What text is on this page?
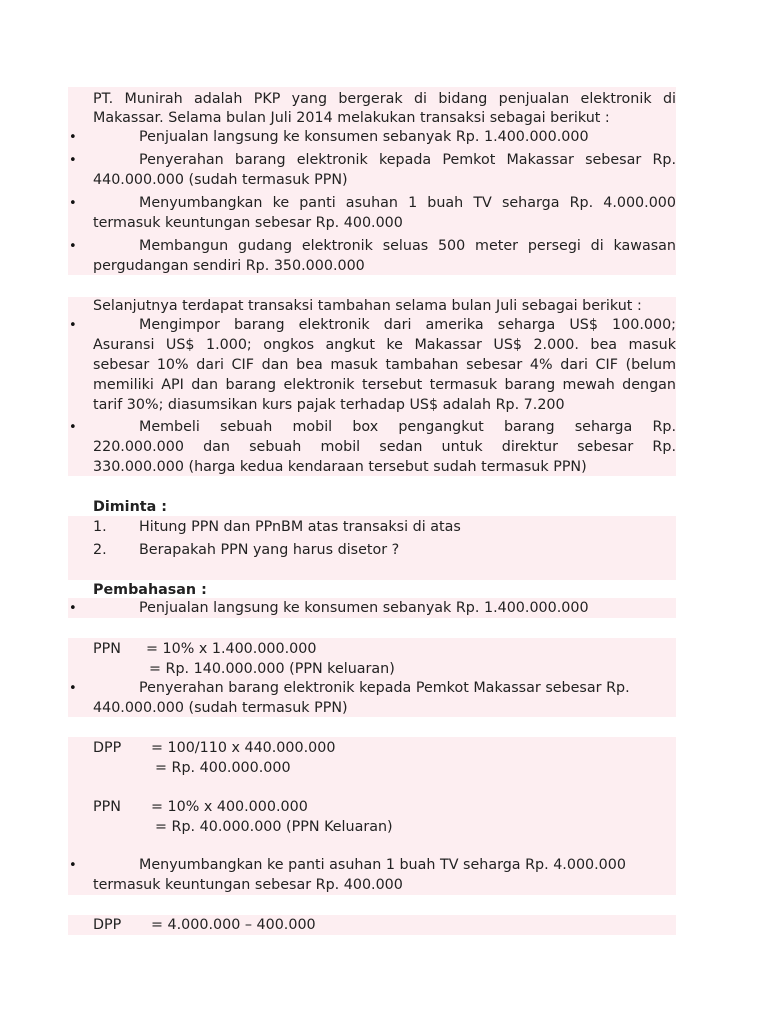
PT. Munirah adalah PKP yang bergerak di bidang penjualan elektronik di
Makassar. Selama bulan Juli 2014 melakukan transaksi sebagai berikut :
•	Penjualan langsung ke konsumen sebanyak Rp. 1.400.000.000
•	Penyerahan barang elektronik kepada Pemkot Makassar sebesar Rp.
440.000.000 (sudah termasuk PPN)
•	Menyumbangkan ke panti asuhan 1 buah TV seharga Rp. 4.000.000
termasuk keuntungan sebesar Rp. 400.000
•	Membangun gudang elektronik seluas 500 meter persegi di kawasan
pergudangan sendiri Rp. 350.000.000
Selanjutnya terdapat transaksi tambahan selama bulan Juli sebagai berikut :
•	Mengimpor barang elektronik dari amerika seharga US$ 100.000;
Asuransi US$ 1.000; ongkos angkut ke Makassar US$ 2.000. bea masuk
sebesar 10% dari CIF dan bea masuk tambahan sebesar 4% dari CIF (belum
memiliki API dan barang elektronik tersebut termasuk barang mewah dengan
tarif 30%; diasumsikan kurs pajak terhadap US$ adalah Rp. 7.200
•	Membeli sebuah mobil box pengangkut barang seharga Rp.
220.000.000 dan sebuah mobil sedan untuk direktur sebesar Rp.
330.000.000 (harga kedua kendaraan tersebut sudah termasuk PPN)
Diminta :
1. Hitung PPN dan PPnBM atas transaksi di atas
2. Berapakah PPN yang harus disetor ?
Pembahasan :
•	Penjualan langsung ke konsumen sebanyak Rp. 1.400.000.000
PPN	= 10% x 1.400.000.000
= Rp. 140.000.000 (PPN keluaran)
•	Penyerahan barang elektronik kepada Pemkot Makassar sebesar Rp.
440.000.000 (sudah termasuk PPN)
DPP	= 100/110 x 440.000.000
= Rp. 400.000.000
PPN	= 10% x 400.000.000
= Rp. 40.000.000 (PPN Keluaran)
•	Menyumbangkan ke panti asuhan 1 buah TV seharga Rp. 4.000.000
termasuk keuntungan sebesar Rp. 400.000
DPP	= 4.000.000 – 400.000
